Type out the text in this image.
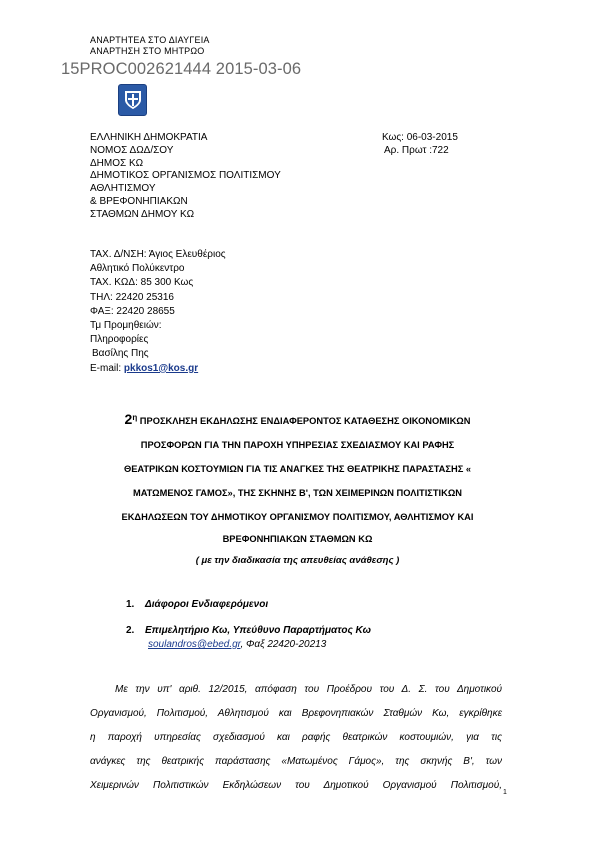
ΑΝΑΡΤΗΤΕΑ ΣΤΟ ΔΙΑΥΓΕΙΑ
ΑΝΑΡΤΗΣΗ ΣΤΟ ΜΗΤΡΩΟ
15PROC002621444 2015-03-06
ΕΛΛΗΝΙΚΗ ΔΗΜΟΚΡΑΤΙΑ
ΝΟΜΟΣ ΔΩΔ/ΣΟΥ
ΔΗΜΟΣ ΚΩ
ΔΗΜΟΤΙΚΟΣ ΟΡΓΑΝΙΣΜΟΣ ΠΟΛΙΤΙΣΜΟΥ
ΑΘΛΗΤΙΣΜΟΥ
& ΒΡΕΦΟΝΗΠΙΑΚΩΝ
ΣΤΑΘΜΩΝ ΔΗΜΟΥ ΚΩ
Κως: 06-03-2015
Αρ. Πρωτ :722
ΤΑΧ. Δ/ΝΣΗ: Άγιος Ελευθέριος
Αθλητικό Πολύκεντρο
ΤΑΧ. ΚΩΔ: 85 300 Κως
ΤΗΛ: 22420 25316
ΦΑΞ: 22420 28655
Τμ Προμηθειών:
Πληροφορίες
Βασίλης Πης
E-mail: pkkos1@kos.gr
$2^\eta$ ΠΡΟΣΚΛΗΣΗ ΕΚΔΗΛΩΣΗΣ ΕΝΔΙΑΦΕΡΟΝΤΟΣ ΚΑΤΑΘΕΣΗΣ ΟΙΚΟΝΟΜΙΚΩΝ
ΠΡΟΣΦΟΡΩΝ ΓΙΑ ΤΗΝ ΠΑΡΟΧΗ ΥΠΗΡΕΣΙΑΣ ΣΧΕΔΙΑΣΜΟΥ ΚΑΙ ΡΑΦΗΣ
ΘΕΑΤΡΙΚΩΝ ΚΟΣΤΟΥΜΙΩΝ ΓΙΑ ΤΙΣ ΑΝΑΓΚΕΣ ΤΗΣ ΘΕΑΤΡΙΚΗΣ ΠΑΡΑΣΤΑΣΗΣ «
ΜΑΤΩΜΕΝΟΣ ΓΑΜΟΣ», ΤΗΣ ΣΚΗΝΗΣ Β', ΤΩΝ ΧΕΙΜΕΡΙΝΩΝ ΠΟΛΙΤΙΣΤΙΚΩΝ
ΕΚΔΗΛΩΣΕΩΝ ΤΟΥ ΔΗΜΟΤΙΚΟΥ ΟΡΓΑΝΙΣΜΟΥ ΠΟΛΙΤΙΣΜΟΥ, ΑΘΛΗΤΙΣΜΟΥ ΚΑΙ
ΒΡΕΦΟΝΗΠΙΑΚΩΝ ΣΤΑΘΜΩΝ ΚΩ
( με την διαδικασία της απευθείας ανάθεσης )
1. Διάφοροι Ενδιαφερόμενοι
2. Επιμελητήριο Κω, Υπεύθυνο Παραρτήματος Κω
soulandros@ebed.gr, Φαξ 22420-20213
Με την υπ' αριθ. 12/2015, απόφαση του Προέδρου του Δ. Σ. του Δημοτικού
Οργανισμού, Πολιτισμού, Αθλητισμού και Βρεφονηπιακών Σταθμών Κω, εγκρίθηκε
η παροχή υπηρεσίας σχεδιασμού και ραφής θεατρικών κοστουμιών, για τις
ανάγκες της θεατρικής παράστασης «Ματωμένος Γάμος», της σκηνής Β', των
Χειμερινών Πολιτιστικών Εκδηλώσεων του Δημοτικού Οργανισμού Πολιτισμού,
1
